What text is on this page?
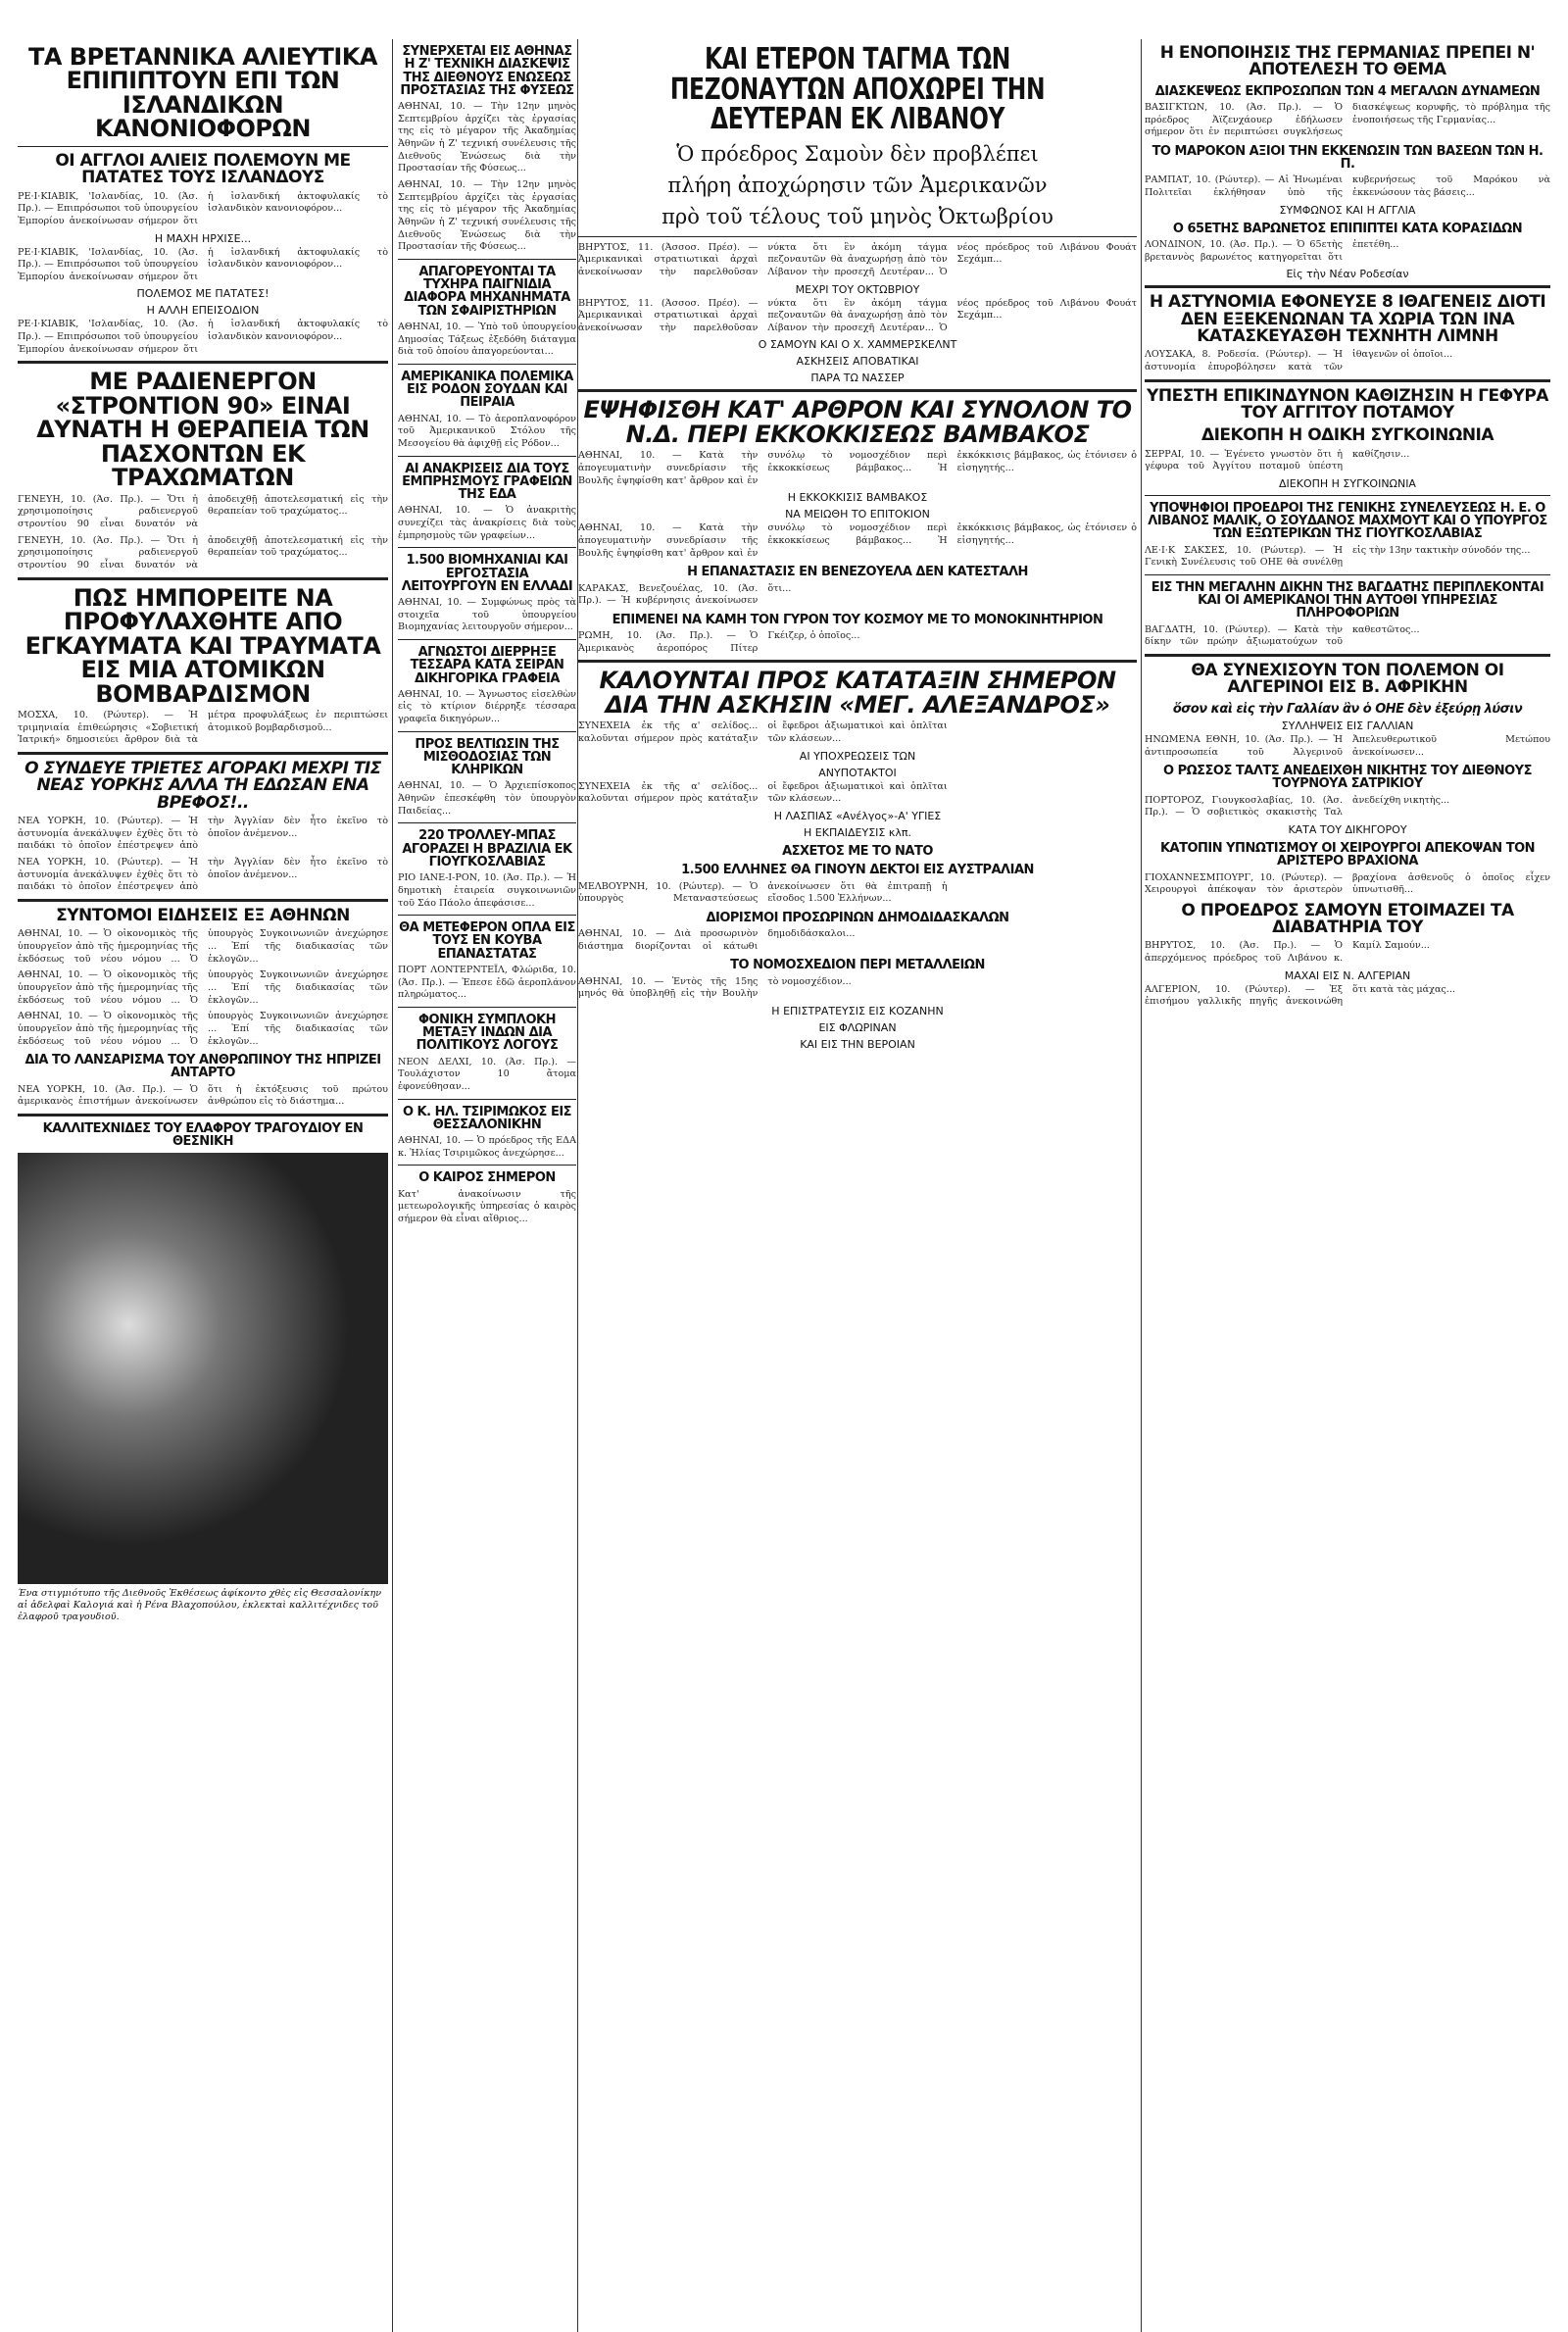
ΤΑ ΒΡΕΤΑΝΝΙΚΑ ΑΛΙΕΥΤΙΚΑ ΕΠΙΠΙΠΤΟΥΝ ΕΠΙ ΤΩΝ ΙΣΛΑΝΔΙΚΩΝ ΚΑΝΟΝΙΟΦΟΡΩΝ
ΟΙ ΑΓΓΛΟΙ ΑΛΙΕΙΣ ΠΟΛΕΜΟΥΝ ΜΕ ΠΑΤΑΤΕΣ ΤΟΥΣ ΙΣΛΑΝΔΟΥΣ
ΡΕ·Ι·ΚΙΑΒΙΚ, 'Ισλανδίας, 10. (Άσ. Πρ.). — Επιπρόσωποι τοῦ ὑπουργείου Ἐμπορίου ἀνεκοίνωσαν σήμερον ὅτι ἡ ἰσλανδική ἀκτοφυλακίς τὸ ἰσλανδικὸν κανονιοφόρον...
Η ΜΑΧΗ ΗΡΧΙΣΕ...
ΡΕ·Ι·ΚΙΑΒΙΚ, 'Ισλανδίας, 10. (Άσ. Πρ.). — Επιπρόσωποι τοῦ ὑπουργείου Ἐμπορίου ἀνεκοίνωσαν σήμερον ὅτι ἡ ἰσλανδική ἀκτοφυλακίς τὸ ἰσλανδικὸν κανονιοφόρον...
ΠΟΛΕΜΟΣ ΜΕ ΠΑΤΑΤΕΣ!
Η ΑΛΛΗ ΕΠΕΙΣΟΔΙΟΝ
ΡΕ·Ι·ΚΙΑΒΙΚ, 'Ισλανδίας, 10. (Άσ. Πρ.). — Επιπρόσωποι τοῦ ὑπουργείου Ἐμπορίου ἀνεκοίνωσαν σήμερον ὅτι ἡ ἰσλανδική ἀκτοφυλακίς τὸ ἰσλανδικὸν κανονιοφόρον...
ΜΕ ΡΑΔΙΕΝΕΡΓΟΝ «ΣΤΡΟΝΤΙΟΝ 90» ΕΙΝΑΙ ΔΥΝΑΤΗ Η ΘΕΡΑΠΕΙΑ ΤΩΝ ΠΑΣΧΟΝΤΩΝ ΕΚ ΤΡΑΧΩΜΑΤΩΝ
ΓΕΝΕΥΗ, 10. (Άσ. Πρ.). — Ὅτι ἡ χρησιμοποίησις ραδιενεργοῦ στροντίου 90 εἶναι δυνατόν νὰ ἀποδειχθῇ ἀποτελεσματική εἰς τὴν θεραπείαν τοῦ τραχώματος...
ΓΕΝΕΥΗ, 10. (Άσ. Πρ.). — Ὅτι ἡ χρησιμοποίησις ραδιενεργοῦ στροντίου 90 εἶναι δυνατόν νὰ ἀποδειχθῇ ἀποτελεσματική εἰς τὴν θεραπείαν τοῦ τραχώματος...
ΠΩΣ ΗΜΠΟΡΕΙΤΕ ΝΑ ΠΡΟΦΥΛΑΧΘΗΤΕ ΑΠΟ ΕΓΚΑΥΜΑΤΑ ΚΑΙ ΤΡΑΥΜΑΤΑ ΕΙΣ ΜΙΑ ΑΤΟΜΙΚΩΝ ΒΟΜΒΑΡΔΙΣΜΟΝ
ΜΟΣΧΑ, 10. (Ρώυτερ). — Ἡ τριμηνιαία ἐπιθεώρησις «Σοβιετική Ἰατρική» δημοσιεύει ἄρθρον διὰ τὰ μέτρα προφυλάξεως ἐν περιπτώσει ἀτομικοῦ βομβαρδισμοῦ...
Ο ΣΥΝΔΕΥΕ ΤΡΙΕΤΕΣ ΑΓΟΡΑΚΙ ΜΕΧΡΙ ΤΙΣ ΝΕΑΣ ΥΟΡΚΗΣ ΑΛΛΑ ΤΗ ΕΔΩΣΑΝ ΕΝΑ ΒΡΕΦΟΣ!..
ΝΕΑ ΥΟΡΚΗ, 10. (Ρώυτερ). — Ἡ ἀστυνομία ἀνεκάλυψεν ἐχθὲς ὅτι τὸ παιδάκι τὸ ὁποῖον ἐπέστρεψεν ἀπὸ τὴν Ἀγγλίαν δὲν ἦτο ἐκεῖνο τὸ ὁποῖον ἀνέμενον...
ΝΕΑ ΥΟΡΚΗ, 10. (Ρώυτερ). — Ἡ ἀστυνομία ἀνεκάλυψεν ἐχθὲς ὅτι τὸ παιδάκι τὸ ὁποῖον ἐπέστρεψεν ἀπὸ τὴν Ἀγγλίαν δὲν ἦτο ἐκεῖνο τὸ ὁποῖον ἀνέμενον...
ΣΥΝΤΟΜΟΙ ΕΙΔΗΣΕΙΣ ΕΞ ΑΘΗΝΩΝ
ΑΘΗΝΑΙ, 10. — Ὁ οἰκονομικὸς τῆς ὑπουργεῖον ἀπὸ τῆς ἡμερομηνίας τῆς ἐκδόσεως τοῦ νέου νόμου ... Ὁ ὑπουργὸς Συγκοινωνιῶν ἀνεχώρησε ... Ἐπί τῆς διαδικασίας τῶν ἐκλογῶν...
ΑΘΗΝΑΙ, 10. — Ὁ οἰκονομικὸς τῆς ὑπουργεῖον ἀπὸ τῆς ἡμερομηνίας τῆς ἐκδόσεως τοῦ νέου νόμου ... Ὁ ὑπουργὸς Συγκοινωνιῶν ἀνεχώρησε ... Ἐπί τῆς διαδικασίας τῶν ἐκλογῶν...
ΑΘΗΝΑΙ, 10. — Ὁ οἰκονομικὸς τῆς ὑπουργεῖον ἀπὸ τῆς ἡμερομηνίας τῆς ἐκδόσεως τοῦ νέου νόμου ... Ὁ ὑπουργὸς Συγκοινωνιῶν ἀνεχώρησε ... Ἐπί τῆς διαδικασίας τῶν ἐκλογῶν...
ΔΙΑ ΤΟ ΛΑΝΣΑΡΙΣΜΑ ΤΟΥ ΑΝΘΡΩΠΙΝΟΥ ΤΗΣ ΗΠΡΙΖΕΙ ΑΝΤΑΡΤΟ
ΝΕΑ ΥΟΡΚΗ, 10. (Άσ. Πρ.). — Ὁ ἀμερικανὸς ἐπιστήμων ἀνεκοίνωσεν ὅτι ἡ ἐκτόξευσις τοῦ πρώτου ἀνθρώπου εἰς τὸ διάστημα...
ΚΑΛΛΙΤΕΧΝΙΔΕΣ ΤΟΥ ΕΛΑΦΡΟΥ ΤΡΑΓΟΥΔΙΟΥ ΕΝ ΘΕΣΝΙΚΗ
Ένα στιγμιότυπο τῆς Διεθνοῦς Ἐκθέσεως ἀφίκοντο χθὲς εἰς Θεσσαλονίκην αἱ ἀδελφαὶ Καλογιά καὶ ἡ Ρένα Βλαχοπούλου, ἐκλεκταὶ καλλιτέχνιδες τοῦ ἐλαφροῦ τραγουδιοῦ.
ΣΥΝΕΡΧΕΤΑΙ ΕΙΣ ΑΘΗΝΑΣ Η Ζ' ΤΕΧΝΙΚΗ ΔΙΑΣΚΕΨΙΣ ΤΗΣ ΔΙΕΘΝΟΥΣ ΕΝΩΣΕΩΣ ΠΡΟΣΤΑΣΙΑΣ ΤΗΣ ΦΥΣΕΩΣ
ΑΘΗΝΑΙ, 10. — Τὴν 12ην μηνὸς Σεπτεμβρίου ἀρχίζει τὰς ἐργασίας της εἰς τὸ μέγαρον τῆς Ἀκαδημίας Ἀθηνῶν ἡ Ζ' τεχνική συνέλευσις τῆς Διεθνοῦς Ἑνώσεως διὰ τὴν Προστασίαν τῆς Φύσεως...
ΑΘΗΝΑΙ, 10. — Τὴν 12ην μηνὸς Σεπτεμβρίου ἀρχίζει τὰς ἐργασίας της εἰς τὸ μέγαρον τῆς Ἀκαδημίας Ἀθηνῶν ἡ Ζ' τεχνική συνέλευσις τῆς Διεθνοῦς Ἑνώσεως διὰ τὴν Προστασίαν τῆς Φύσεως...
ΑΠΑΓΟΡΕΥΟΝΤΑΙ ΤΑ ΤΥΧΗΡΑ ΠΑΙΓΝΙΔΙΑ ΔΙΑΦΟΡΑ ΜΗΧΑΝΗΜΑΤΑ ΤΩΝ ΣΦΑΙΡΙΣΤΗΡΙΩΝ
ΑΘΗΝΑΙ, 10. — Ὑπὸ τοῦ ὑπουργείου Δημοσίας Τάξεως ἐξεδόθη διάταγμα διὰ τοῦ ὁποίου ἀπαγορεύονται...
ΑΜΕΡΙΚΑΝΙΚΑ ΠΟΛΕΜΙΚΑ ΕΙΣ ΡΟΔΟΝ ΣΟΥΔΑΝ ΚΑΙ ΠΕΙΡΑΙΑ
ΑΘΗΝΑΙ, 10. — Τὸ ἀεροπλανοφόρον τοῦ Ἀμερικανικοῦ Στόλου τῆς Μεσογείου θὰ ἀφιχθῇ εἰς Ρόδον...
ΑΙ ΑΝΑΚΡΙΣΕΙΣ ΔΙΑ ΤΟΥΣ ΕΜΠΡΗΣΜΟΥΣ ΓΡΑΦΕΙΩΝ ΤΗΣ ΕΔΑ
ΑΘΗΝΑΙ, 10. — Ὁ ἀνακριτὴς συνεχίζει τὰς ἀνακρίσεις διὰ τοὺς ἐμπρησμοὺς τῶν γραφείων...
1.500 ΒΙΟΜΗΧΑΝΙΑΙ ΚΑΙ ΕΡΓΟΣΤΑΣΙΑ ΛΕΙΤΟΥΡΓΟΥΝ ΕΝ ΕΛΛΑΔΙ
ΑΘΗΝΑΙ, 10. — Συμφώνως πρὸς τὰ στοιχεῖα τοῦ ὑπουργείου Βιομηχανίας λειτουργοῦν σήμερον...
ΑΓΝΩΣΤΟΙ ΔΙΕΡΡΗΞΕ ΤΕΣΣΑΡΑ ΚΑΤΑ ΣΕΙΡΑΝ ΔΙΚΗΓΟΡΙΚΑ ΓΡΑΦΕΙΑ
ΑΘΗΝΑΙ, 10. — Ἄγνωστος εἰσελθὼν εἰς τὸ κτίριον διέρρηξε τέσσαρα γραφεῖα δικηγόρων...
ΠΡΟΣ ΒΕΛΤΙΩΣΙΝ ΤΗΣ ΜΙΣΘΟΔΟΣΙΑΣ ΤΩΝ ΚΛΗΡΙΚΩΝ
ΑΘΗΝΑΙ, 10. — Ὁ Ἀρχιεπίσκοπος Ἀθηνῶν ἐπεσκέφθη τὸν ὑπουργὸν Παιδείας...
220 ΤΡΟΛΛΕΥ-ΜΠΑΣ ΑΓΟΡΑΖΕΙ Η ΒΡΑΖΙΛΙΑ ΕΚ ΓΙΟΥΓΚΟΣΛΑΒΙΑΣ
ΡΙΟ ΙΑΝΕ-Ι-ΡΟΝ, 10. (Άσ. Πρ.). — Ἡ δημοτικὴ ἐταιρεία συγκοινωνιῶν τοῦ Σάο Πάολο ἀπεφάσισε...
ΘΑ ΜΕΤΕΦΕΡΟΝ ΟΠΛΑ ΕΙΣ ΤΟΥΣ ΕΝ ΚΟΥΒΑ ΕΠΑΝΑΣΤΑΤΑΣ
ΠΟΡΤ ΛΟΝΤΕΡΝΤΕΪΛ, Φλώριδα, 10. (Άσ. Πρ.). — Ἐπεσε ἐδῶ ἀεροπλάνον πληρώματος...
ΦΟΝΙΚΗ ΣΥΜΠΛΟΚΗ ΜΕΤΑΞΥ ΙΝΔΩΝ ΔΙΑ ΠΟΛΙΤΙΚΟΥΣ ΛΟΓΟΥΣ
ΝΕΟΝ ΔΕΛΧΙ, 10. (Άσ. Πρ.). — Τουλάχιστον 10 ἄτομα ἐφονεύθησαν...
Ο Κ. ΗΛ. ΤΣΙΡΙΜΩΚΟΣ ΕΙΣ ΘΕΣΣΑΛΟΝΙΚΗΝ
ΑΘΗΝΑΙ, 10. — Ὁ πρόεδρος τῆς ΕΔΑ κ. Ἠλίας Τσιριμῶκος ἀνεχώρησε...
Ο ΚΑΙΡΟΣ ΣΗΜΕΡΟΝ
Κατ' ἀνακοίνωσιν τῆς μετεωρολογικῆς ὑπηρεσίας ὁ καιρὸς σήμερον θὰ εἶναι αἴθριος...
ΚΑΙ ΕΤΕΡΟΝ ΤΑΓΜΑ ΤΩΝ ΠΕΖΟΝΑΥΤΩΝ ΑΠΟΧΩΡΕΙ ΤΗΝ ΔΕΥΤΕΡΑΝ ΕΚ ΛΙΒΑΝΟΥ
Ὁ πρόεδρος Σαμοὺν δὲν προβλέπει
πλήρη ἀποχώρησιν τῶν Ἀμερικανῶν
πρὸ τοῦ τέλους τοῦ μηνὸς Ὀκτωβρίου
ΒΗΡΥΤΟΣ, 11. (Άσσοσ. Πρέσ). — Ἀμερικανικαὶ στρατιωτικαὶ ἀρχαὶ ἀνεκοίνωσαν τὴν παρελθοῦσαν νύκτα ὅτι ἓν ἀκόμη τάγμα πεζοναυτῶν θὰ ἀναχωρήσῃ ἀπὸ τὸν Λίβανον τὴν προσεχῆ Δευτέραν... Ὁ νέος πρόεδρος τοῦ Λιβάνου Φουάτ Σεχάμπ...
ΜΕΧΡΙ ΤΟΥ ΟΚΤΩΒΡΙΟΥ
ΒΗΡΥΤΟΣ, 11. (Άσσοσ. Πρέσ). — Ἀμερικανικαὶ στρατιωτικαὶ ἀρχαὶ ἀνεκοίνωσαν τὴν παρελθοῦσαν νύκτα ὅτι ἓν ἀκόμη τάγμα πεζοναυτῶν θὰ ἀναχωρήσῃ ἀπὸ τὸν Λίβανον τὴν προσεχῆ Δευτέραν... Ὁ νέος πρόεδρος τοῦ Λιβάνου Φουάτ Σεχάμπ...
Ο ΣΑΜΟΥΝ ΚΑΙ Ο Χ. ΧΑΜΜΕΡΣΚΕΛΝΤ
ΑΣΚΗΣΕΙΣ ΑΠΟΒΑΤΙΚΑΙ
ΠΑΡΑ ΤΩ ΝΑΣΣΕΡ
ΕΨΗΦΙΣΘΗ ΚΑΤ' ΑΡΘΡΟΝ ΚΑΙ ΣΥΝΟΛΟΝ ΤΟ Ν.Δ. ΠΕΡΙ ΕΚΚΟΚΚΙΣΕΩΣ ΒΑΜΒΑΚΟΣ
ΑΘΗΝΑΙ, 10. — Κατὰ τὴν ἀπογευματινὴν συνεδρίασιν τῆς Βουλῆς ἐψηφίσθη κατ' ἄρθρον καὶ ἐν συνόλῳ τὸ νομοσχέδιον περὶ ἐκκοκκίσεως βάμβακος... Ἡ ἐκκόκκισις βάμβακος, ὡς ἐτόνισεν ὁ εἰσηγητής...
Η ΕΚΚΟΚΚΙΣΙΣ ΒΑΜΒΑΚΟΣ
ΝΑ ΜΕΙΩΘΗ ΤΟ ΕΠΙΤΟΚΙΟΝ
ΑΘΗΝΑΙ, 10. — Κατὰ τὴν ἀπογευματινὴν συνεδρίασιν τῆς Βουλῆς ἐψηφίσθη κατ' ἄρθρον καὶ ἐν συνόλῳ τὸ νομοσχέδιον περὶ ἐκκοκκίσεως βάμβακος... Ἡ ἐκκόκκισις βάμβακος, ὡς ἐτόνισεν ὁ εἰσηγητής...
Η ΕΠΑΝΑΣΤΑΣΙΣ ΕΝ ΒΕΝΕΖΟΥΕΛΑ ΔΕΝ ΚΑΤΕΣΤΑΛΗ
ΚΑΡΑΚΑΣ, Βενεζουέλας, 10. (Άσ. Πρ.). — Ἡ κυβέρνησις ἀνεκοίνωσεν ὅτι...
ΕΠΙΜΕΝΕΙ ΝΑ ΚΑΜΗ ΤΟΝ ΓΥΡΟΝ ΤΟΥ ΚΟΣΜΟΥ ΜΕ ΤΟ ΜΟΝΟΚΙΝΗΤΗΡΙΟΝ
ΡΩΜΗ, 10. (Άσ. Πρ.). — Ὁ Ἀμερικανὸς ἀεροπόρος Πίτερ Γκέιζερ, ὁ ὁποῖος...
ΚΑΛΟΥΝΤΑΙ ΠΡΟΣ ΚΑΤΑΤΑΞΙΝ ΣΗΜΕΡΟΝ ΔΙΑ ΤΗΝ ΑΣΚΗΣΙΝ «ΜΕΓ. ΑΛΕΞΑΝΔΡΟΣ»
ΣΥΝΕΧΕΙΑ ἐκ τῆς α' σελίδος... καλοῦνται σήμερον πρὸς κατάταξιν οἱ ἔφεδροι ἀξιωματικοὶ καὶ ὁπλῖται τῶν κλάσεων...
ΑΙ ΥΠΟΧΡΕΩΣΕΙΣ ΤΩΝ
ΑΝΥΠΟΤΑΚΤΟΙ
ΣΥΝΕΧΕΙΑ ἐκ τῆς α' σελίδος... καλοῦνται σήμερον πρὸς κατάταξιν οἱ ἔφεδροι ἀξιωματικοὶ καὶ ὁπλῖται τῶν κλάσεων...
Η ΛΑΣΠΙΑΣ «Ανέλγος»-Α' ΥΓΙΕΣ
Η ΕΚΠΑΙΔΕΥΣΙΣ κλπ.
ΑΣΧΕΤΟΣ ΜΕ ΤΟ ΝΑΤΟ
1.500 ΕΛΛΗΝΕΣ ΘΑ ΓΙΝΟΥΝ ΔΕΚΤΟΙ ΕΙΣ ΑΥΣΤΡΑΛΙΑΝ
ΜΕΛΒΟΥΡΝΗ, 10. (Ρώυτερ). — Ὁ ὑπουργὸς Μεταναστεύσεως ἀνεκοίνωσεν ὅτι θὰ ἐπιτραπῇ ἡ εἴσοδος 1.500 Ἑλλήνων...
ΔΙΟΡΙΣΜΟΙ ΠΡΟΣΩΡΙΝΩΝ ΔΗΜΟΔΙΔΑΣΚΑΛΩΝ
ΑΘΗΝΑΙ, 10. — Διὰ προσωρινὸν διάστημα διορίζονται οἱ κάτωθι δημοδιδάσκαλοι...
ΤΟ ΝΟΜΟΣΧΕΔΙΟΝ ΠΕΡΙ ΜΕΤΑΛΛΕΙΩΝ
ΑΘΗΝΑΙ, 10. — Ἐντὸς τῆς 15ης μηνός θὰ ὑποβληθῇ εἰς τὴν Βουλὴν τὸ νομοσχέδιον...
Η ΕΠΙΣΤΡΑΤΕΥΣΙΣ ΕΙΣ ΚΟΖΑΝΗΝ
ΕΙΣ ΦΛΩΡΙΝΑΝ
ΚΑΙ ΕΙΣ ΤΗΝ ΒΕΡΟΙΑΝ
Η ΕΝΟΠΟΙΗΣΙΣ ΤΗΣ ΓΕΡΜΑΝΙΑΣ ΠΡΕΠΕΙ Ν' ΑΠΟΤΕΛΕΣΗ ΤΟ ΘΕΜΑ
ΔΙΑΣΚΕΨΕΩΣ ΕΚΠΡΟΣΩΠΩΝ ΤΩΝ 4 ΜΕΓΑΛΩΝ ΔΥΝΑΜΕΩΝ
ΒΑΣΙΓΚΤΩΝ, 10. (Άσ. Πρ.). — Ὁ πρόεδρος Ἀϊζενχάουερ ἐδήλωσεν σήμερον ὅτι ἐν περιπτώσει συγκλήσεως διασκέψεως κορυφῆς, τὸ πρόβλημα τῆς ἑνοποιήσεως τῆς Γερμανίας...
ΤΟ ΜΑΡΟΚΟΝ ΑΞΙΟΙ ΤΗΝ ΕΚΚΕΝΩΣΙΝ ΤΩΝ ΒΑΣΕΩΝ ΤΩΝ Η. Π.
ΡΑΜΠΑΤ, 10. (Ρώυτερ). — Αἱ Ἡνωμέναι Πολιτεῖαι ἐκλήθησαν ὑπὸ τῆς κυβερνήσεως τοῦ Μαρόκου νὰ ἐκκενώσουν τὰς βάσεις...
ΣΥΜΦΩΝΟΣ ΚΑΙ Η ΑΓΓΛΙΑ
Ο 65ΕΤΗΣ ΒΑΡΩΝΕΤΟΣ ΕΠΙΠΙΠΤΕΙ ΚΑΤΑ ΚΟΡΑΣΙΔΩΝ
ΛΟΝΔΙΝΟΝ, 10. (Άσ. Πρ.). — Ὁ 65ετὴς βρεταννὸς βαρωνέτος κατηγορεῖται ὅτι ἐπετέθη...
Εἰς τὴν Νέαν Ροδεσίαν
Η ΑΣΤΥΝΟΜΙΑ ΕΦΟΝΕΥΣΕ 8 ΙΘΑΓΕΝΕΙΣ ΔΙΟΤΙ ΔΕΝ ΕΞΕΚΕΝΩΝΑΝ ΤΑ ΧΩΡΙΑ ΤΩΝ ΙΝΑ ΚΑΤΑΣΚΕΥΑΣΘΗ ΤΕΧΝΗΤΗ ΛΙΜΝΗ
ΛΟΥΣΑΚΑ, 8. Ροδεσία. (Ρώυτερ). — Ἡ ἀστυνομία ἐπυροβόλησεν κατὰ τῶν ἰθαγενῶν οἱ ὁποῖοι...
ΥΠΕΣΤΗ ΕΠΙΚΙΝΔΥΝΟΝ ΚΑΘΙΖΗΣΙΝ Η ΓΕΦΥΡΑ ΤΟΥ ΑΓΓΙΤΟΥ ΠΟΤΑΜΟΥ
ΔΙΕΚΟΠΗ Η ΟΔΙΚΗ ΣΥΓΚΟΙΝΩΝΙΑ
ΣΕΡΡΑΙ, 10. — Ἐγένετο γνωστὸν ὅτι ἡ γέφυρα τοῦ Ἀγγίτου ποταμοῦ ὑπέστη καθίζησιν...
ΔΙΕΚΟΠΗ Η ΣΥΓΚΟΙΝΩΝΙΑ
ΥΠΟΨΗΦΙΟΙ ΠΡΟΕΔΡΟΙ ΤΗΣ ΓΕΝΙΚΗΣ ΣΥΝΕΛΕΥΣΕΩΣ Η. Ε. Ο ΛΙΒΑΝΟΣ ΜΑΛΙΚ, Ο ΣΟΥΔΑΝΟΣ ΜΑΧΜΟΥΤ ΚΑΙ Ο ΥΠΟΥΡΓΟΣ ΤΩΝ ΕΞΩΤΕΡΙΚΩΝ ΤΗΣ ΓΙΟΥΓΚΟΣΛΑΒΙΑΣ
ΛΕ·Ι·Κ ΣΑΚΣΕΣ, 10. (Ρώυτερ). — Ἡ Γενικὴ Συνέλευσις τοῦ ΟΗΕ θὰ συνέλθῃ εἰς τὴν 13ην τακτικὴν σύνοδόν της...
ΕΙΣ ΤΗΝ ΜΕΓΑΛΗΝ ΔΙΚΗΝ ΤΗΣ ΒΑΓΔΑΤΗΣ ΠΕΡΙΠΛΕΚΟΝΤΑΙ ΚΑΙ ΟΙ ΑΜΕΡΙΚΑΝΟΙ ΤΗΝ ΑΥΤΟΘΙ ΥΠΗΡΕΣΙΑΣ ΠΛΗΡΟΦΟΡΙΩΝ
ΒΑΓΔΑΤΗ, 10. (Ρώυτερ). — Κατὰ τὴν δίκην τῶν πρώην ἀξιωματούχων τοῦ καθεστῶτος...
ΘΑ ΣΥΝΕΧΙΣΟΥΝ ΤΟΝ ΠΟΛΕΜΟΝ ΟΙ ΑΛΓΕΡΙΝΟΙ ΕΙΣ Β. ΑΦΡΙΚΗΝ
ὅσον καὶ εἰς τὴν Γαλλίαν ἂν ὁ ΟΗΕ δὲν ἐξεύρῃ λύσιν
ΣΥΛΛΗΨΕΙΣ ΕΙΣ ΓΑΛΛΙΑΝ
ΗΝΩΜΕΝΑ ΕΘΝΗ, 10. (Άσ. Πρ.). — Ἡ ἀντιπροσωπεία τοῦ Ἀλγερινοῦ Ἀπελευθερωτικοῦ Μετώπου ἀνεκοίνωσεν...
Ο ΡΩΣΣΟΣ ΤΑΛΤΣ ΑΝΕΔΕΙΧΘΗ ΝΙΚΗΤΗΣ ΤΟΥ ΔΙΕΘΝΟΥΣ ΤΟΥΡΝΟΥΑ ΣΑΤΡΙΚΙΟΥ
ΠΟΡΤΟΡΟΖ, Γιουγκοσλαβίας, 10. (Άσ. Πρ.). — Ὁ σοβιετικὸς σκακιστὴς Ταλ ἀνεδείχθη νικητὴς...
ΚΑΤΑ ΤΟΥ ΔΙΚΗΓΟΡΟΥ
ΚΑΤΟΠΙΝ ΥΠΝΩΤΙΣΜΟΥ ΟΙ ΧΕΙΡΟΥΡΓΟΙ ΑΠΕΚΟΨΑΝ ΤΟΝ ΑΡΙΣΤΕΡΟ ΒΡΑΧΙΟΝΑ
ΓΙΟΧΑΝΝΕΣΜΠΟΥΡΓ, 10. (Ρώυτερ). — Χειρουργοὶ ἀπέκοψαν τὸν ἀριστερὸν βραχίονα ἀσθενοῦς ὁ ὁποῖος εἶχεν ὑπνωτισθῆ...
Ο ΠΡΟΕΔΡΟΣ ΣΑΜΟΥΝ ΕΤΟΙΜΑΖΕΙ ΤΑ ΔΙΑΒΑΤΗΡΙΑ ΤΟΥ
ΒΗΡΥΤΟΣ, 10. (Άσ. Πρ.). — Ὁ ἀπερχόμενος πρόεδρος τοῦ Λιβάνου κ. Καμίλ Σαμούν...
ΜΑΧΑΙ ΕΙΣ Ν. ΑΛΓΕΡΙΑΝ
ΑΛΓΕΡΙΟΝ, 10. (Ρώυτερ). — Ἐξ ἐπισήμου γαλλικῆς πηγῆς ἀνεκοινώθη ὅτι κατὰ τὰς μάχας...
